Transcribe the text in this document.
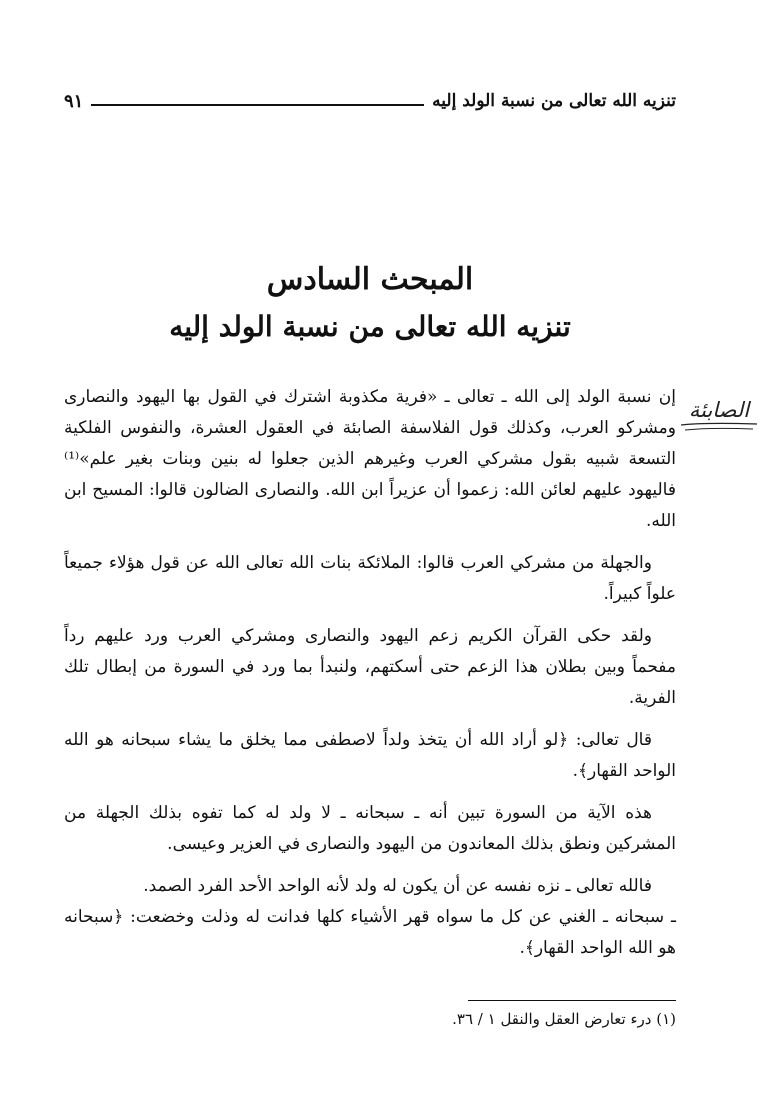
تنزيه الله تعالى من نسبة الولد إليه
٩١
المبحث السادس
تنزيه الله تعالى من نسبة الولد إليه
الصابئة

إن نسبة الولد إلى الله ـ تعالى ـ «فرية مكذوبة اشترك في القول بها اليهود والنصارى ومشركو العرب، وكذلك قول الفلاسفة الصابئة في العقول العشرة، والنفوس الفلكية التسعة شبيه بقول مشركي العرب وغيرهم الذين جعلوا له بنين وبنات بغير علم»⁽¹⁾ فاليهود عليهم لعائن الله: زعموا أن عزيراً ابن الله. والنصارى الضالون قالوا: المسيح ابن الله.

والجهلة من مشركي العرب قالوا: الملائكة بنات الله تعالى الله عن قول هؤلاء جميعاً علواً كبيراً.

ولقد حكى القرآن الكريم زعم اليهود والنصارى ومشركي العرب ورد عليهم رداً مفحماً وبين بطلان هذا الزعم حتى أسكتهم، ولنبدأ بما ورد في السورة من إبطال تلك الفرية.

قال تعالى: ﴿لو أراد الله أن يتخذ ولداً لاصطفى مما يخلق ما يشاء سبحانه هو الله الواحد القهار﴾.

هذه الآية من السورة تبين أنه ـ سبحانه ـ لا ولد له كما تفوه بذلك الجهلة من المشركين ونطق بذلك المعاندون من اليهود والنصارى في العزير وعيسى.

فالله تعالى ـ نزه نفسه عن أن يكون له ولد لأنه الواحد الأحد الفرد الصمد.

ـ سبحانه ـ الغني عن كل ما سواه قهر الأشياء كلها فدانت له وذلت وخضعت: ﴿سبحانه هو الله الواحد القهار﴾.

(١) درء تعارض العقل والنقل ١ / ٣٦.
